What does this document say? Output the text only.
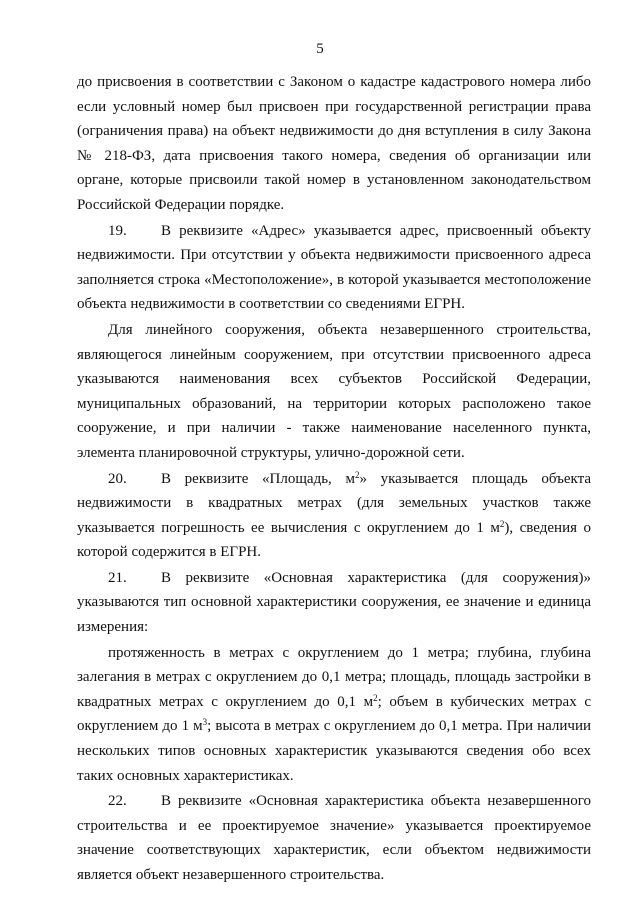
5

до присвоения в соответствии с Законом о кадастре кадастрового номера либо если условный номер был присвоен при государственной регистрации права (ограничения права) на объект недвижимости до дня вступления в силу Закона № 218-ФЗ, дата присвоения такого номера, сведения об организации или органе, которые присвоили такой номер в установленном законодательством Российской Федерации порядке.

19. В реквизите «Адрес» указывается адрес, присвоенный объекту недвижимости. При отсутствии у объекта недвижимости присвоенного адреса заполняется строка «Местоположение», в которой указывается местоположение объекта недвижимости в соответствии со сведениями ЕГРН.

Для линейного сооружения, объекта незавершенного строительства, являющегося линейным сооружением, при отсутствии присвоенного адреса указываются наименования всех субъектов Российской Федерации, муниципальных образований, на территории которых расположено такое сооружение, и при наличии - также наименование населенного пункта, элемента планировочной структуры, улично-дорожной сети.

20. В реквизите «Площадь, $м^2$» указывается площадь объекта недвижимости в квадратных метрах (для земельных участков также указывается погрешность ее вычисления с округлением до 1 $м^2$), сведения о которой содержится в ЕГРН.

21. В реквизите «Основная характеристика (для сооружения)» указываются тип основной характеристики сооружения, ее значение и единица измерения:

протяженность в метрах с округлением до 1 метра; глубина, глубина залегания в метрах с округлением до 0,1 метра; площадь, площадь застройки в квадратных метрах с округлением до 0,1 $м^2$; объем в кубических метрах с округлением до 1 $м^3$; высота в метрах с округлением до 0,1 метра. При наличии нескольких типов основных характеристик указываются сведения обо всех таких основных характеристиках.

22. В реквизите «Основная характеристика объекта незавершенного строительства и ее проектируемое значение» указывается проектируемое значение соответствующих характеристик, если объектом недвижимости является объект незавершенного строительства.
